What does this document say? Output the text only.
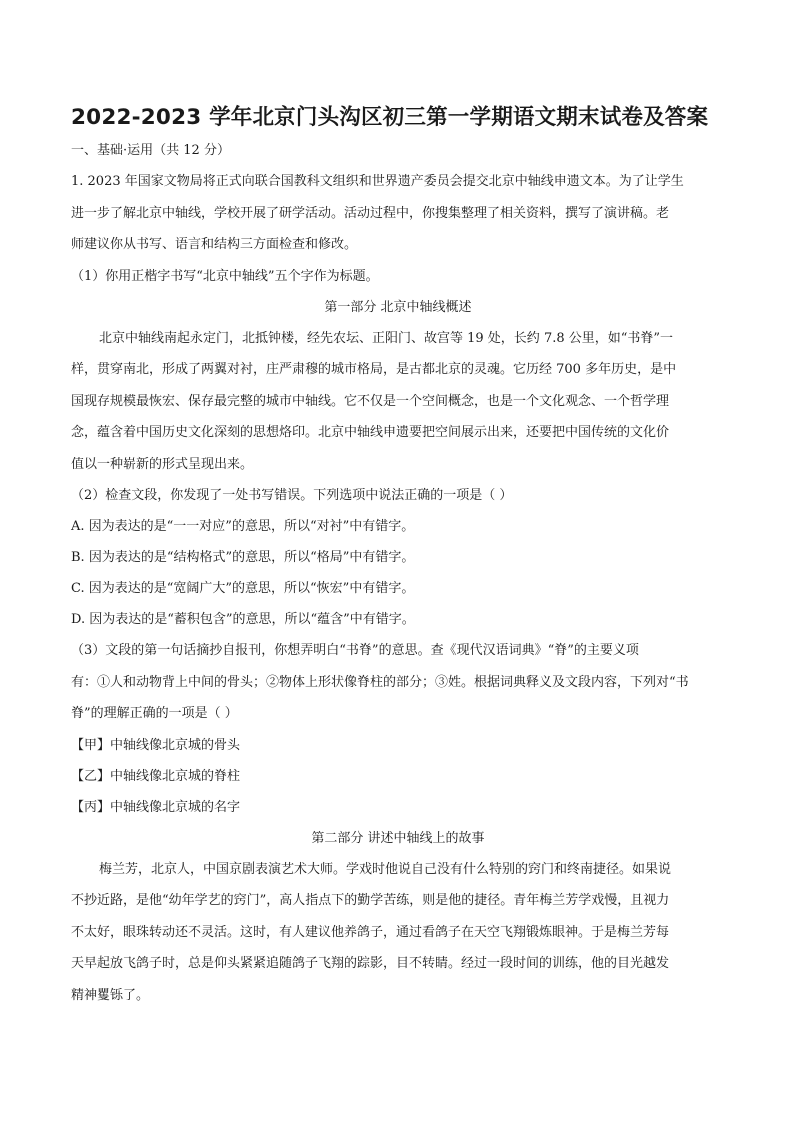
2022-2023 学年北京门头沟区初三第一学期语文期末试卷及答案
一、基础·运用（共 12 分）
1. 2023 年国家文物局将正式向联合国教科文组织和世界遗产委员会提交北京中轴线申遗文本。为了让学生
进一步了解北京中轴线，学校开展了研学活动。活动过程中，你搜集整理了相关资料，撰写了演讲稿。老
师建议你从书写、语言和结构三方面检查和修改。
（1）你用正楷字书写“北京中轴线”五个字作为标题。
第一部分 北京中轴线概述
北京中轴线南起永定门，北抵钟楼，经先农坛、正阳门、故宫等 19 处，长约 7.8 公里，如“书脊”一
样，贯穿南北，形成了两翼对衬，庄严肃穆的城市格局，是古都北京的灵魂。它历经 700 多年历史，是中
国现存规模最恢宏、保存最完整的城市中轴线。它不仅是一个空间概念，也是一个文化观念、一个哲学理
念，蕴含着中国历史文化深刻的思想烙印。北京中轴线申遗要把空间展示出来，还要把中国传统的文化价
值以一种崭新的形式呈现出来。
（2）检查文段，你发现了一处书写错误。下列选项中说法正确的一项是（ ）
A. 因为表达的是“一一对应”的意思，所以“对衬”中有错字。
B. 因为表达的是“结构格式”的意思，所以“格局”中有错字。
C. 因为表达的是“宽阔广大”的意思，所以“恢宏”中有错字。
D. 因为表达的是“蓄积包含”的意思，所以“蕴含”中有错字。
（3）文段的第一句话摘抄自报刊，你想弄明白“书脊”的意思。查《现代汉语词典》“脊”的主要义项
有：①人和动物背上中间的骨头；②物体上形状像脊柱的部分；③姓。根据词典释义及文段内容，下列对“书
脊”的理解正确的一项是（ ）
【甲】中轴线像北京城的骨头
【乙】中轴线像北京城的脊柱
【丙】中轴线像北京城的名字
第二部分 讲述中轴线上的故事
梅兰芳，北京人，中国京剧表演艺术大师。学戏时他说自己没有什么特别的窍门和终南捷径。如果说
不抄近路，是他“幼年学艺的窍门”，高人指点下的勤学苦练，则是他的捷径。青年梅兰芳学戏慢，且视力
不太好，眼珠转动还不灵活。这时，有人建议他养鸽子，通过看鸽子在天空飞翔锻炼眼神。于是梅兰芳每
天早起放飞鸽子时，总是仰头紧紧追随鸽子飞翔的踪影，目不转睛。经过一段时间的训练，他的目光越发
精神矍铄了。
